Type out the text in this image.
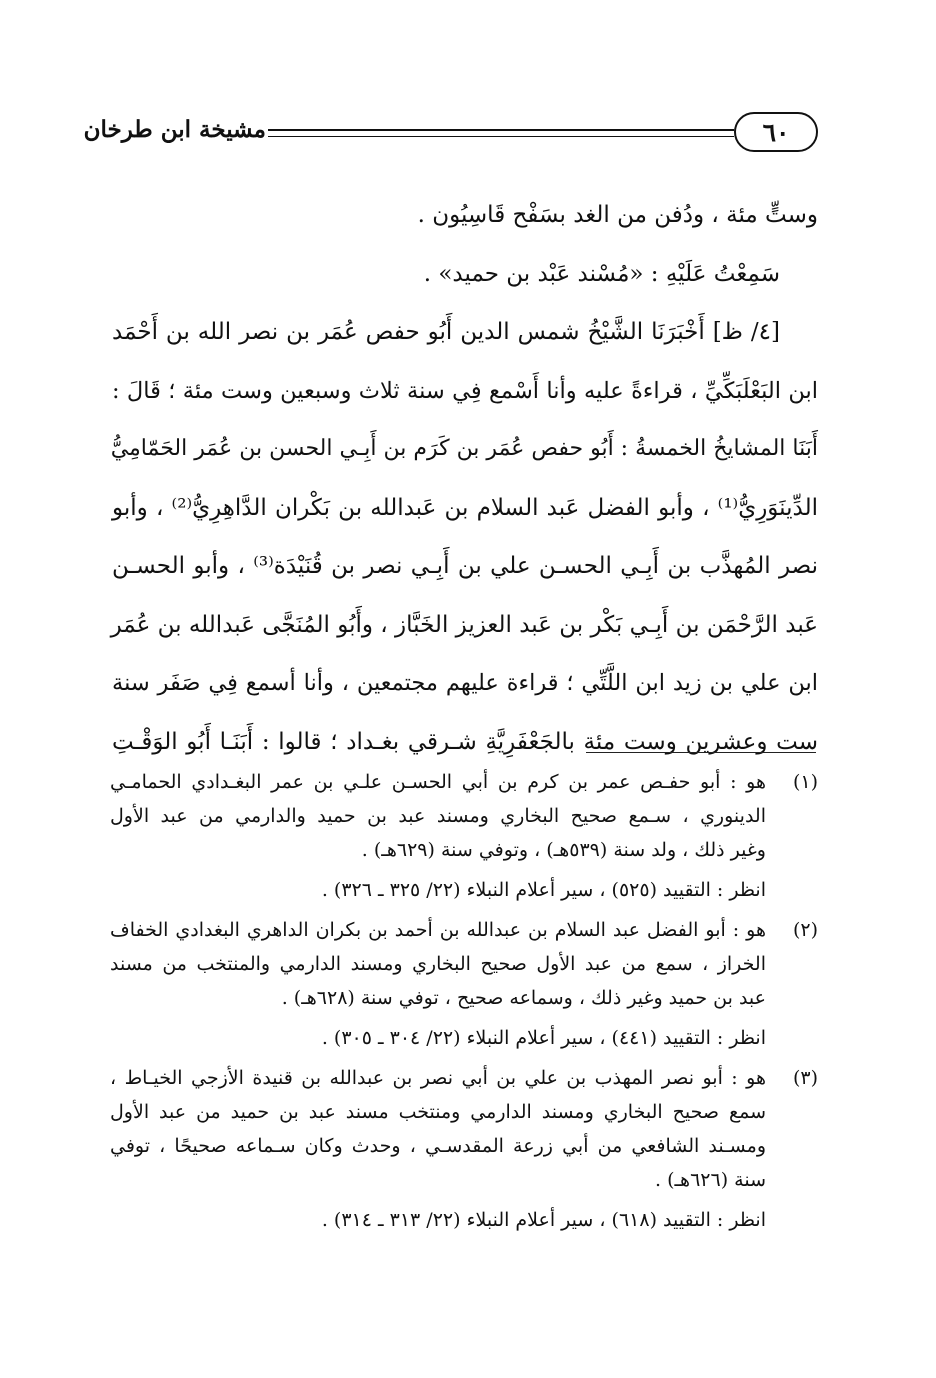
٦٠
مشيخة ابن طرخان
وستٍّ مئة ، ودُفن من الغد بسَفْح قَاسِيُون .
سَمِعْتُ عَلَيْهِ : «مُسْند عَبْد بن حميد» .
[٤/ ظ] أَخْبَرَنَا الشَّيْخُ شمس الدين أَبُو حفص عُمَر بن نصر الله بن أَحْمَد
ابن البَعْلَبَكِّيِّ ، قراءةً عليه وأنا أَسْمع فِي سنة ثلاث وسبعين وست مئة ؛ قَالَ :
أَبَنَا المشايخُ الخمسةُ : أَبُو حفص عُمَر بن كَرَم بن أَبِـي الحسن بن عُمَر الحَمّامِيُّ
الدِّينَوَرِيُّ⁽¹⁾ ، وأبو الفضل عَبد السلام بن عَبدالله بن بَكْران الدَّاهِرِيُّ⁽²⁾ ، وأبو
نصر المُهذَّب بن أَبِـي الحسـن علي بن أَبِـي نصر بن قُنَيْدَة⁽³⁾ ، وأبو الحسـن
عَبد الرَّحْمَن بن أَبِـي بَكْر بن عَبد العزيز الخَبَّاز ، وأَبُو المُنَجَّى عَبدالله بن عُمَر
ابن علي بن زيد ابن اللَّتِّي ؛ قراءة عليهم مجتمعين ، وأنا أسمع فِي صَفَر سنة
ست وعشرين وست مئة بالجَعْفَرِيَّةِ شـرقي بغـداد ؛ قالوا : أَبَنَـا أَبُو الوَقْـتِ
(١)
هو : أبو حفـص عمر بن كرم بن أبي الحسـن علـي بن عمر البغـدادي الحمامـي
الدينوري ، سـمع صحيح البخاري ومسند عبد بن حميد والدارمي من عبد الأول
وغير ذلك ، ولد سنة (٥٣٩هـ) ، وتوفي سنة (٦٢٩هـ) .
انظر : التقييد (٥٢٥) ، سير أعلام النبلاء (٢٢/ ٣٢٥ ـ ٣٢٦) .
(٢)
هو : أبو الفضل عبد السلام بن عبدالله بن أحمد بن بكران الداهري البغدادي الخفاف
الخراز ، سمع من عبد الأول صحيح البخاري ومسند الدارمي والمنتخب من مسند
عبد بن حميد وغير ذلك ، وسماعه صحيح ، توفي سنة (٦٢٨هـ) .
انظر : التقييد (٤٤١) ، سير أعلام النبلاء (٢٢/ ٣٠٤ ـ ٣٠٥) .
(٣)
هو : أبو نصر المهذب بن علي بن أبي نصر بن عبدالله بن قنيدة الأزجي الخيـاط ،
سمع صحيح البخاري ومسند الدارمي ومنتخب مسند عبد بن حميد من عبد الأول
ومسـند الشافعي من أبي زرعة المقدسـي ، وحدث وكان سـماعه صحيحًا ، توفي
سنة (٦٢٦هـ) .
انظر : التقييد (٦١٨) ، سير أعلام النبلاء (٢٢/ ٣١٣ ـ ٣١٤) .
